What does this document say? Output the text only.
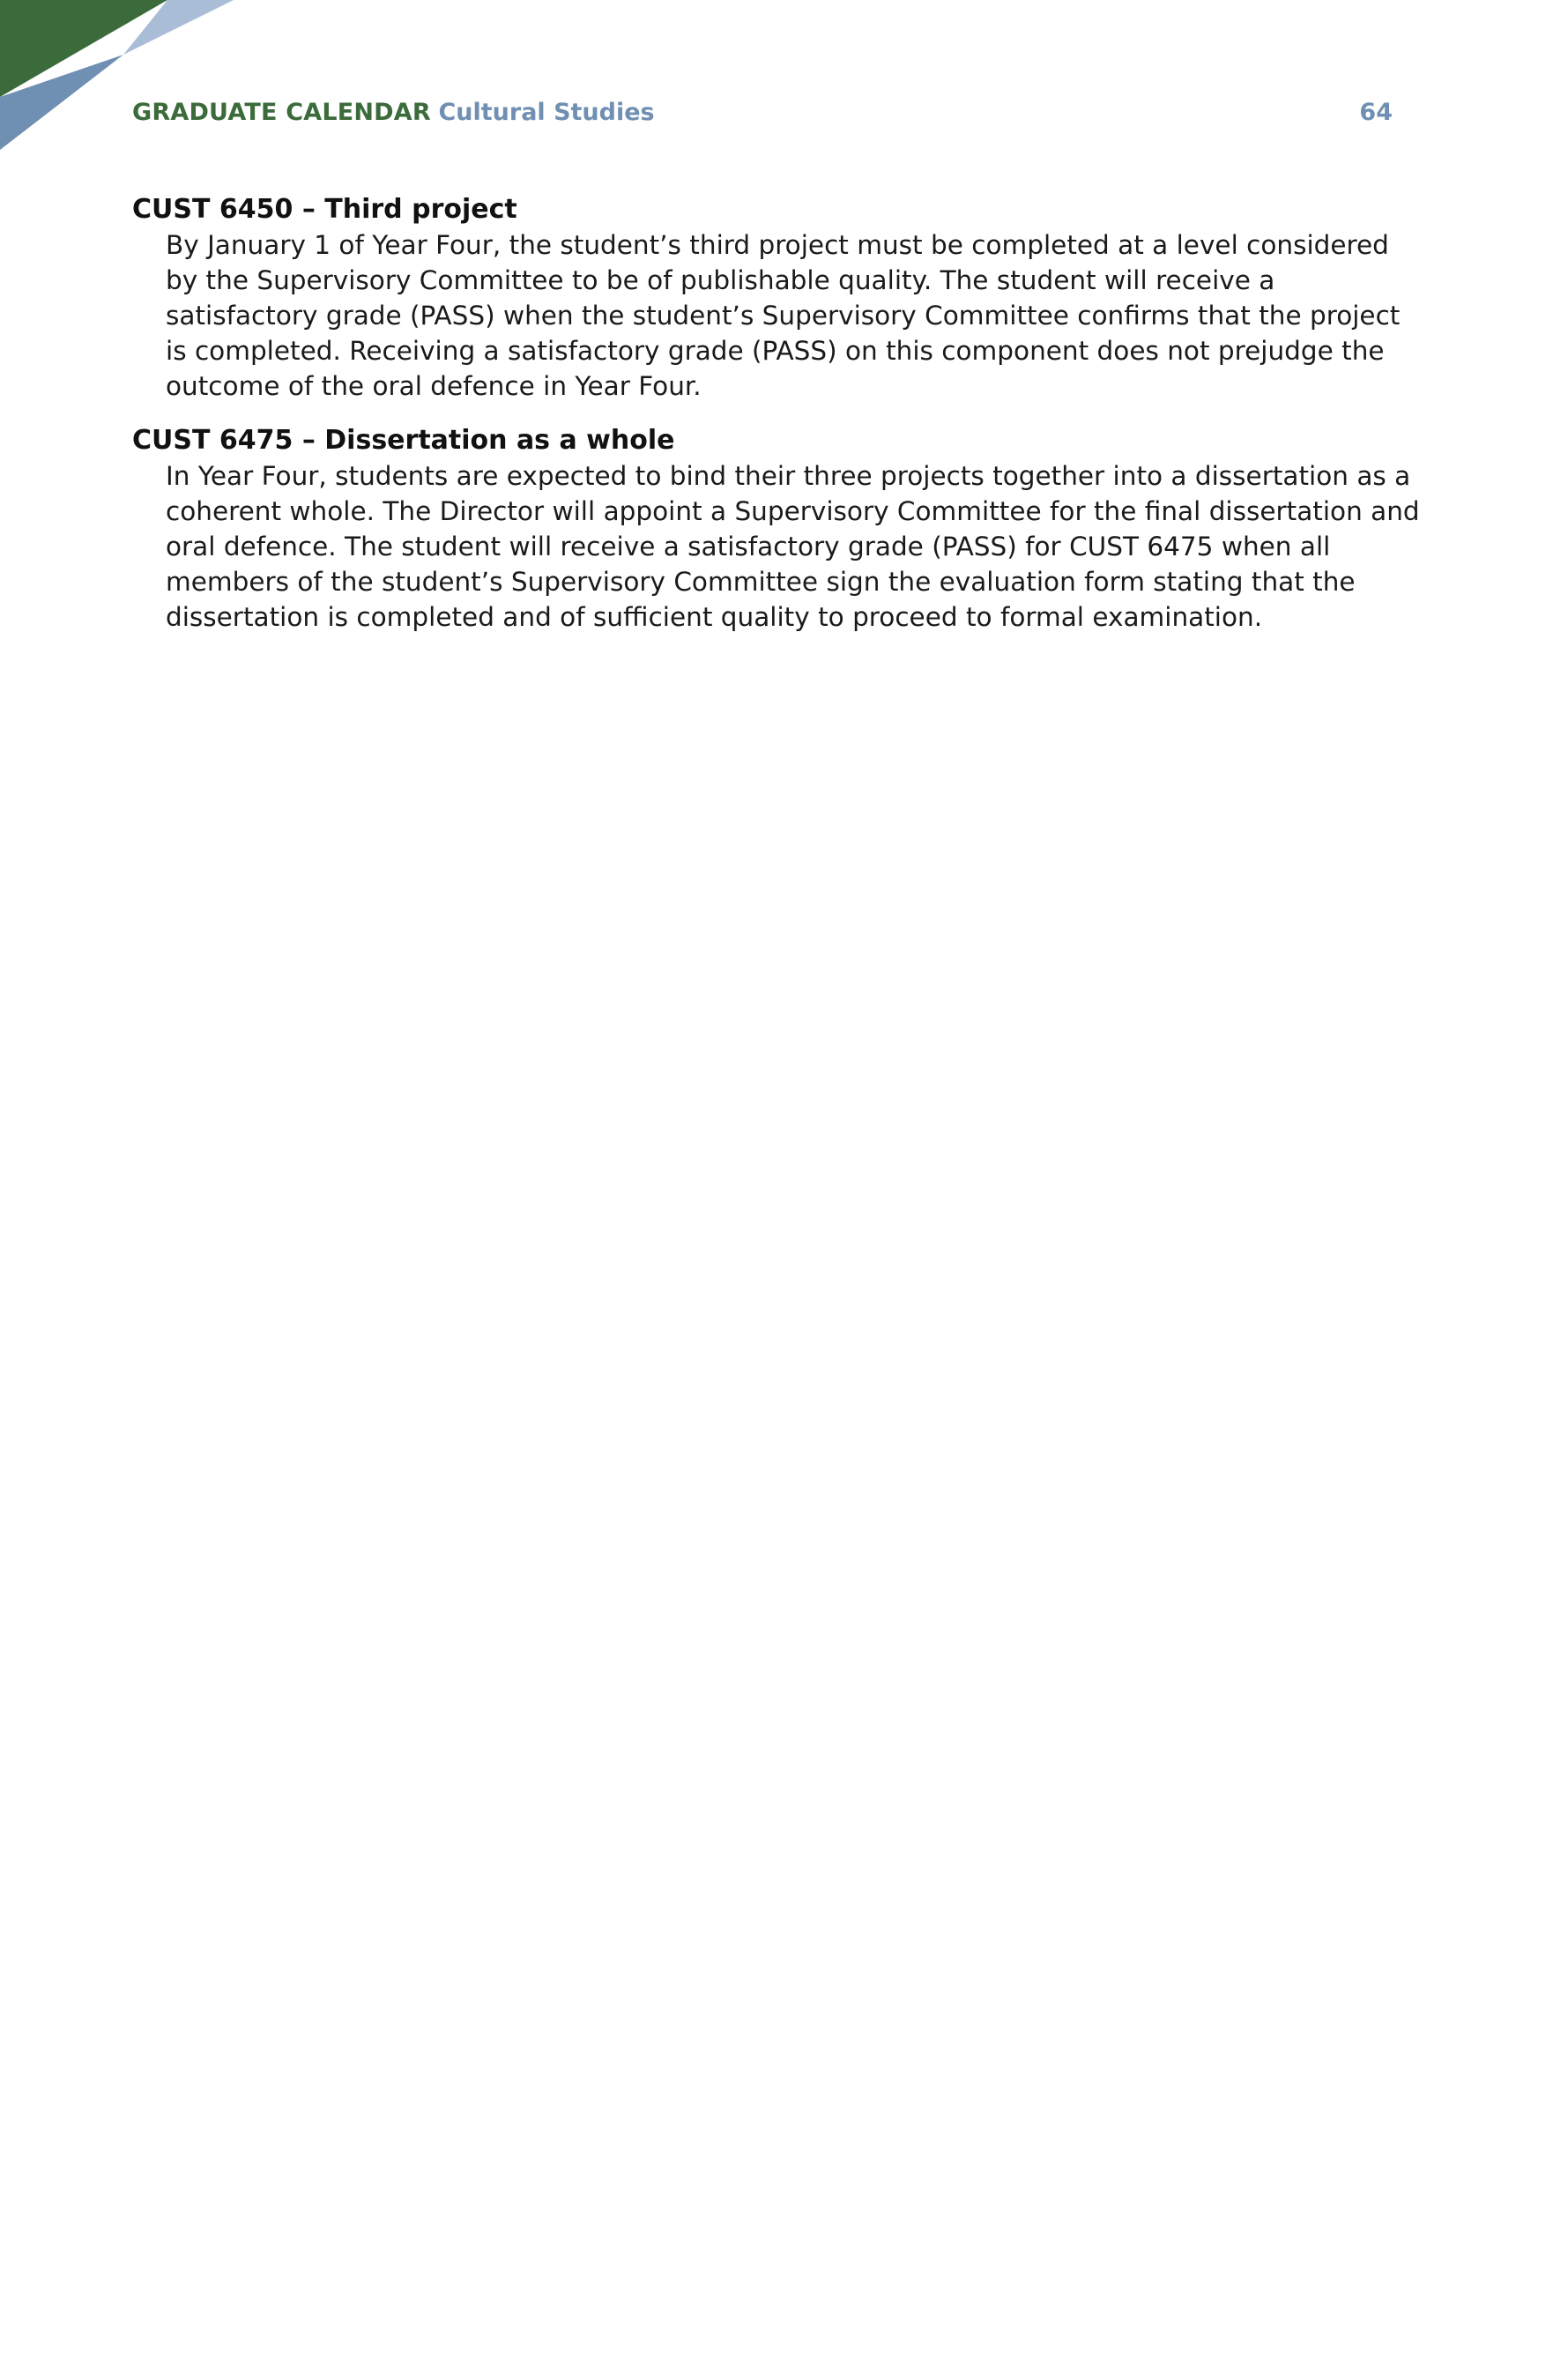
GRADUATE CALENDAR Cultural Studies	64
CUST 6450 – Third project
By January 1 of Year Four, the student’s third project must be completed at a level considered by the Supervisory Committee to be of publishable quality. The student will receive a satisfactory grade (PASS) when the student’s Supervisory Committee confirms that the project is completed. Receiving a satisfactory grade (PASS) on this component does not prejudge the outcome of the oral defence in Year Four.
CUST 6475 – Dissertation as a whole
In Year Four, students are expected to bind their three projects together into a dissertation as a coherent whole. The Director will appoint a Supervisory Committee for the final dissertation and oral defence. The student will receive a satisfactory grade (PASS) for CUST 6475 when all members of the student’s Supervisory Committee sign the evaluation form stating that the dissertation is completed and of sufficient quality to proceed to formal examination.
